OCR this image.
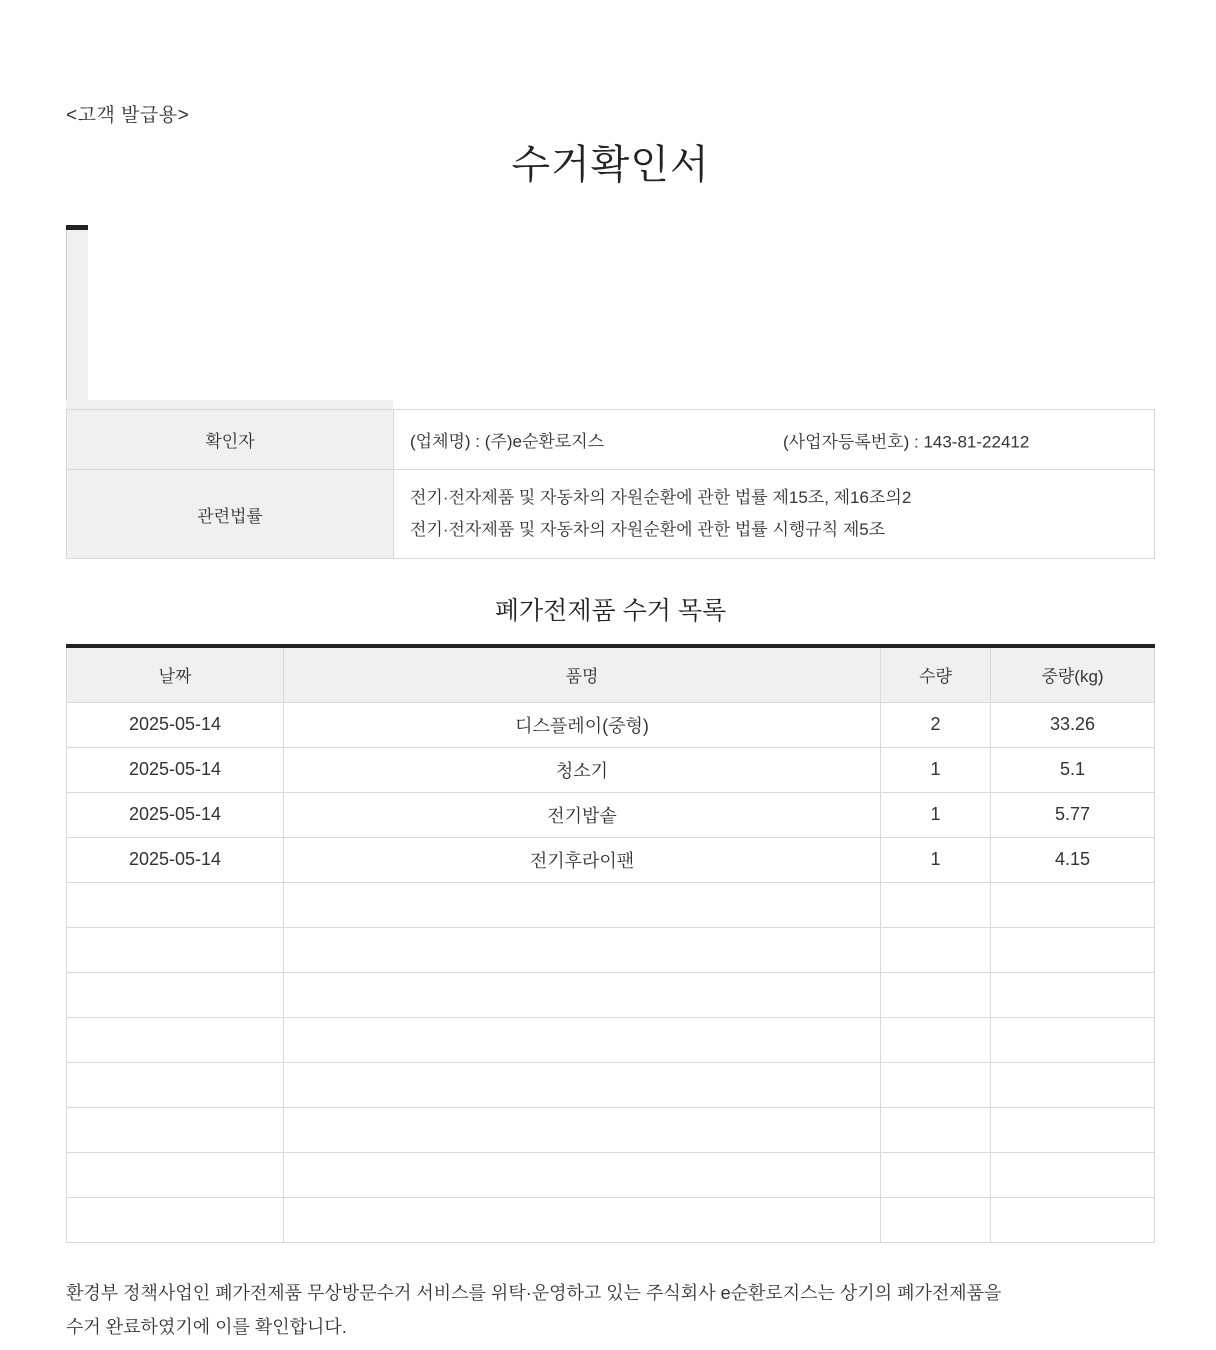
<고객 발급용>
수거확인서
확인자	(업체명) : (주)e순환로지스 (사업자등록번호) : 143-81-22412

관련법률	전기·전자제품 및 자동차의 자원순환에 관한 법률 제15조, 제16조의2
전기·전자제품 및 자동차의 자원순환에 관한 법률 시행규칙 제5조
폐가전제품 수거 목록
날짜	품명	수량	중량(kg)
2025-05-14	디스플레이(중형)	2	33.26
2025-05-14	청소기	1	5.1
2025-05-14	전기밥솥	1	5.77
2025-05-14	전기후라이팬	1	4.15

환경부 정책사업인 폐가전제품 무상방문수거 서비스를 위탁·운영하고 있는 주식회사 e순환로지스는 상기의 폐가전제품을
수거 완료하였기에 이를 확인합니다.
